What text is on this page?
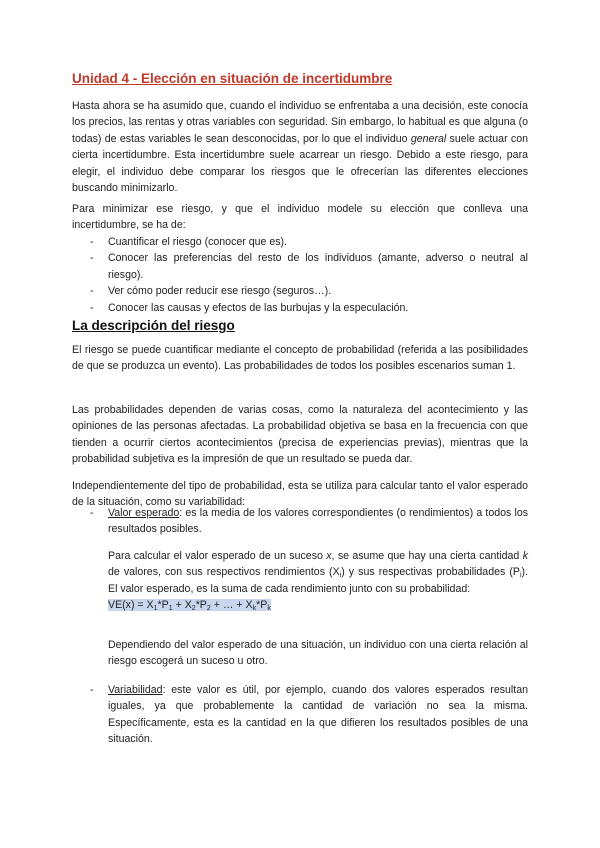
Unidad 4 - Elección en situación de incertidumbre

Hasta ahora se ha asumido que, cuando el individuo se enfrentaba a una decisión, este conocía los precios, las rentas y otras variables con seguridad. Sin embargo, lo habitual es que alguna (o todas) de estas variables le sean desconocidas, por lo que el individuo general suele actuar con cierta incertidumbre. Esta incertidumbre suele acarrear un riesgo. Debido a este riesgo, para elegir, el individuo debe comparar los riesgos que le ofrecerían las diferentes elecciones buscando minimizarlo.

Para minimizar ese riesgo, y que el individuo modele su elección que conlleva una incertidumbre, se ha de:

- Cuantificar el riesgo (conocer que es).
- Conocer las preferencias del resto de los individuos (amante, adverso o neutral al riesgo).
- Ver cómo poder reducir ese riesgo (seguros…).
- Conocer las causas y efectos de las burbujas y la especulación.
La descripción del riesgo

El riesgo se puede cuantificar mediante el concepto de probabilidad (referida a las posibilidades de que se produzca un evento). Las probabilidades de todos los posibles escenarios suman 1.

Las probabilidades dependen de varias cosas, como la naturaleza del acontecimiento y las opiniones de las personas afectadas. La probabilidad objetiva se basa en la frecuencia con que tienden a ocurrir ciertos acontecimientos (precisa de experiencias previas), mientras que la probabilidad subjetiva es la impresión de que un resultado se pueda dar.

Independientemente del tipo de probabilidad, esta se utiliza para calcular tanto el valor esperado de la situación, como su variabilidad:

- Valor esperado: es la media de los valores correspondientes (o rendimientos) a todos los resultados posibles.

Para calcular el valor esperado de un suceso x, se asume que hay una cierta cantidad k de valores, con sus respectivos rendimientos $(X_i)$ y sus respectivas probabilidades $(P_i)$. El valor esperado, es la suma de cada rendimiento junto con su probabilidad:
$VE(x) = X_1*P_1 + X_2*P_2$ + … + $X_k*P_k$

Dependiendo del valor esperado de una situación, un individuo con una cierta relación al riesgo escogerá un suceso u otro.

- Variabilidad: este valor es útil, por ejemplo, cuando dos valores esperados resultan iguales, ya que probablemente la cantidad de variación no sea la misma. Específicamente, esta es la cantidad en la que difieren los resultados posibles de una situación.
